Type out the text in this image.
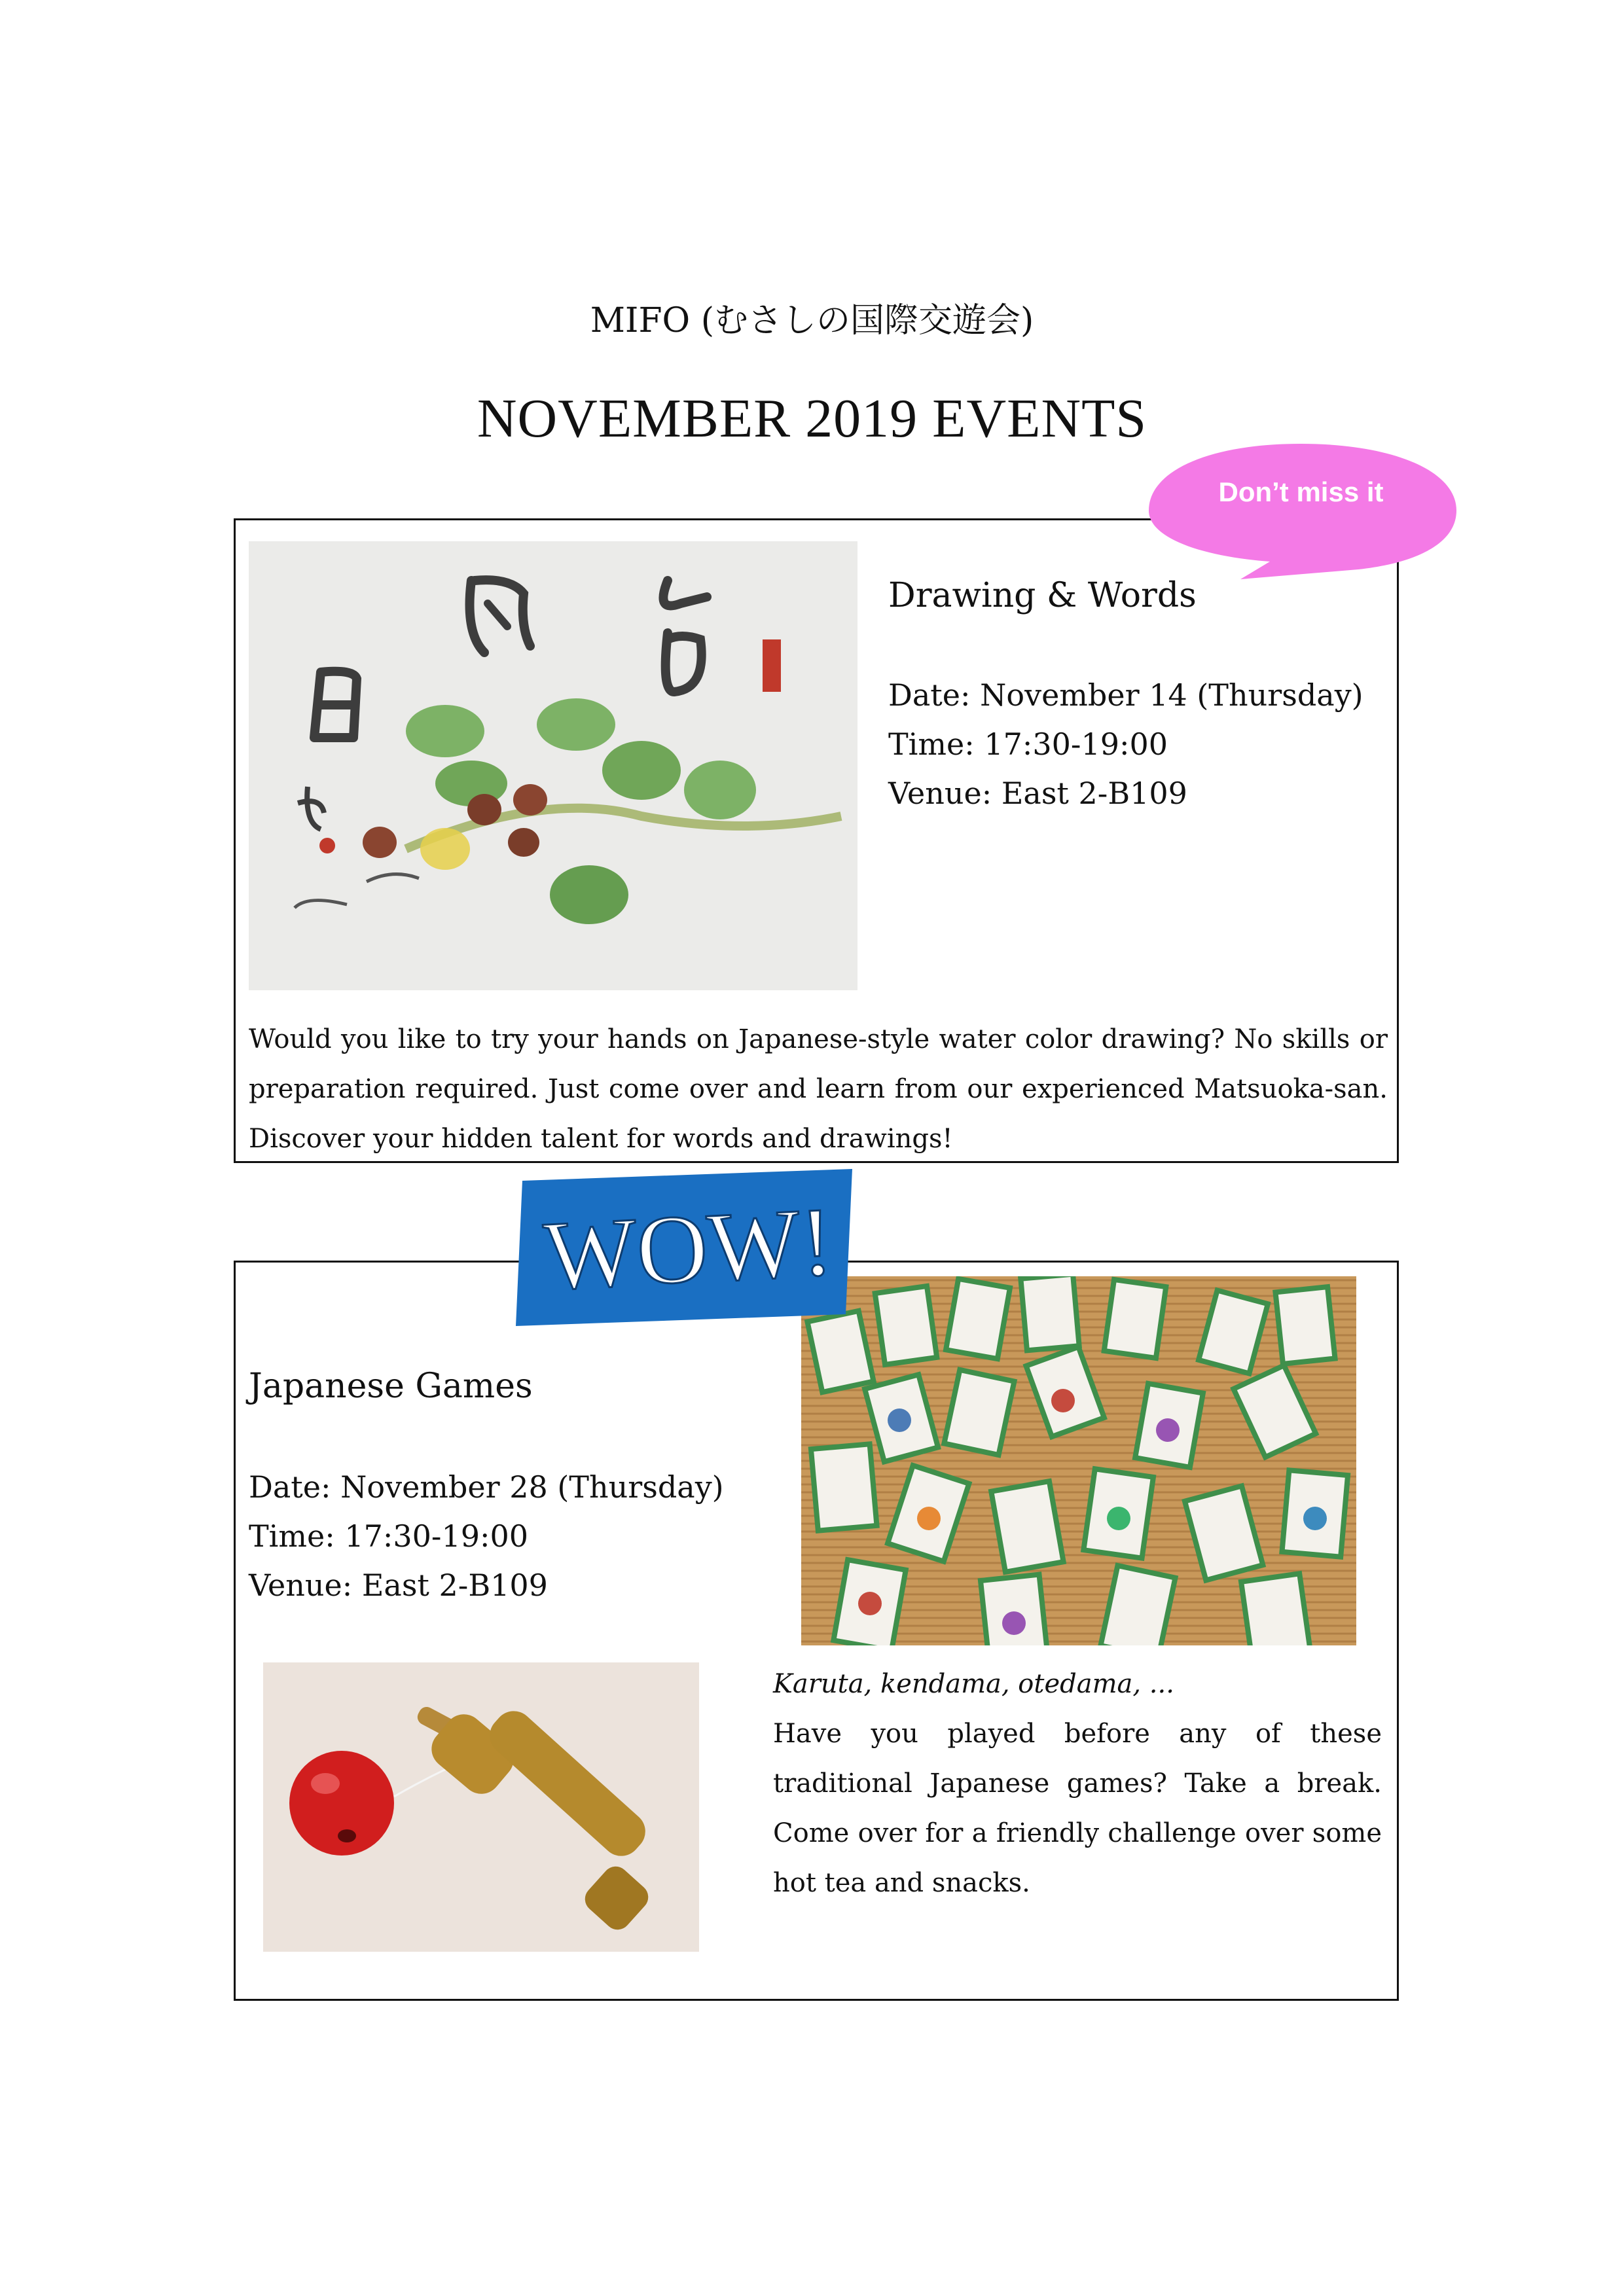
MIFO (むさしの国際交遊会)
NOVEMBER 2019 EVENTS
Drawing & Words
Date: November 14 (Thursday)
Time: 17:30-19:00
Venue: East 2-B109
Would you like to try your hands on Japanese-style water color drawing? No skills or preparation required. Just come over and learn from our experienced Matsuoka-san. Discover your hidden talent for words and drawings!
Don’t miss it
WOW!
Japanese Games
Date: November 28 (Thursday)
Time: 17:30-19:00
Venue: East 2-B109
Karuta, kendama, otedama, ...
Have you played before any of these traditional Japanese games? Take a break. Come over for a friendly challenge over some hot tea and snacks.
